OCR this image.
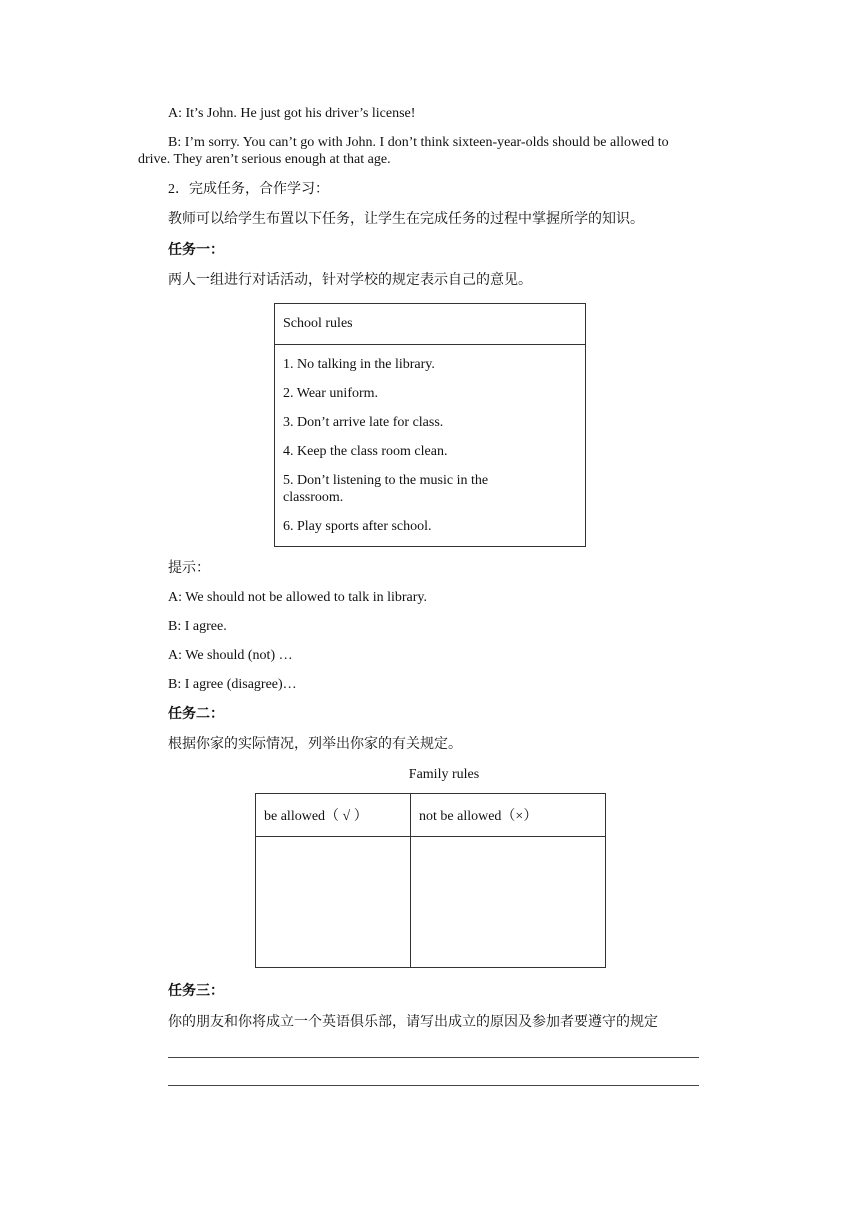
A: It’s John. He just got his driver’s license!
B: I’m sorry. You can’t go with John. I don’t think sixteen-year-olds should be allowed to
drive. They aren’t serious enough at that age.
2．完成任务，合作学习：
教师可以给学生布置以下任务，让学生在完成任务的过程中掌握所学的知识。
任务一：
两人一组进行对话活动，针对学校的规定表示自己的意见。
School rules

1. No talking in the library.
2. Wear uniform.
3. Don’t arrive late for class.
4. Keep the class room clean.
5. Don’t listening to the music in the classroom.
6. Play sports after school.
提示：
A: We should not be allowed to talk in library.
B: I agree.
A: We should (not) …
B: I agree (disagree)…
任务二：
根据你家的实际情况，列举出你家的有关规定。
Family rules
be allowed（ √ ）	not be allowed（×）

任务三：
你的朋友和你将成立一个英语俱乐部，请写出成立的原因及参加者要遵守的规定
